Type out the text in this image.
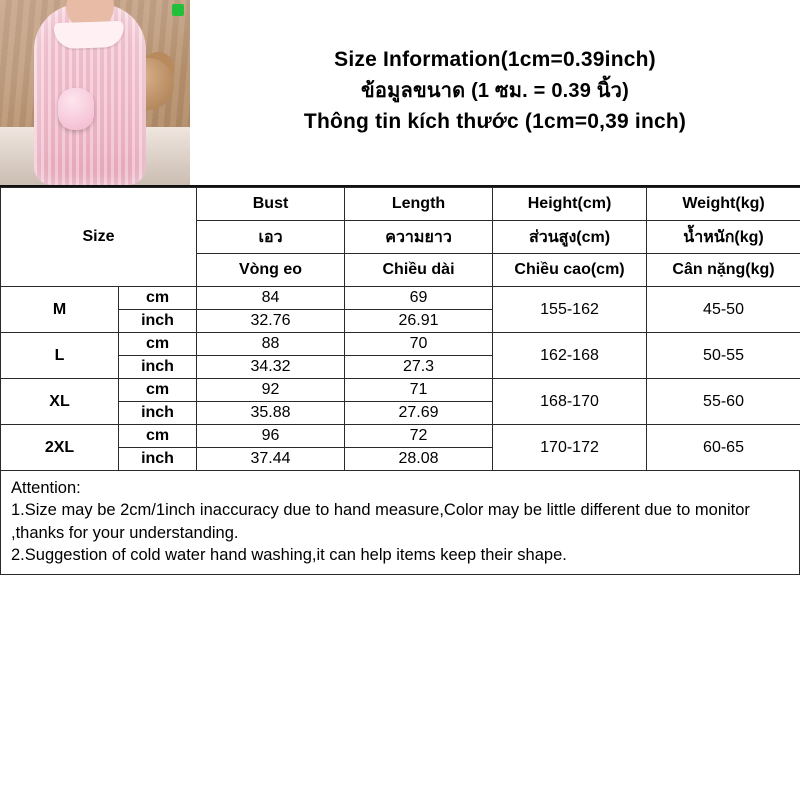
Size Information(1cm=0.39inch)
ข้อมูลขนาด (1 ซม. = 0.39 นิ้ว)
Thông tin kích thước (1cm=0,39 inch)
Size		Bust	Length	Height(cm)	Weight(kg)
		เอว	ความยาว	ส่วนสูง(cm)	น้ำหนัก(kg)
		Vòng eo	Chiều dài	Chiều cao(cm)	Cân nặng(kg)
M	cm	84	69	155-162	45-50
	inch	32.76	26.91		
L	cm	88	70	162-168	50-55
	inch	34.32	27.3		
XL	cm	92	71	168-170	55-60
	inch	35.88	27.69		
2XL	cm	96	72	170-172	60-65
	inch	37.44	28.08		

Attention:

1.Size may be 2cm/1inch inaccuracy due to hand measure,Color may be little different due to monitor ,thanks for your understanding.

2.Suggestion of cold water hand washing,it can help items keep their shape.
